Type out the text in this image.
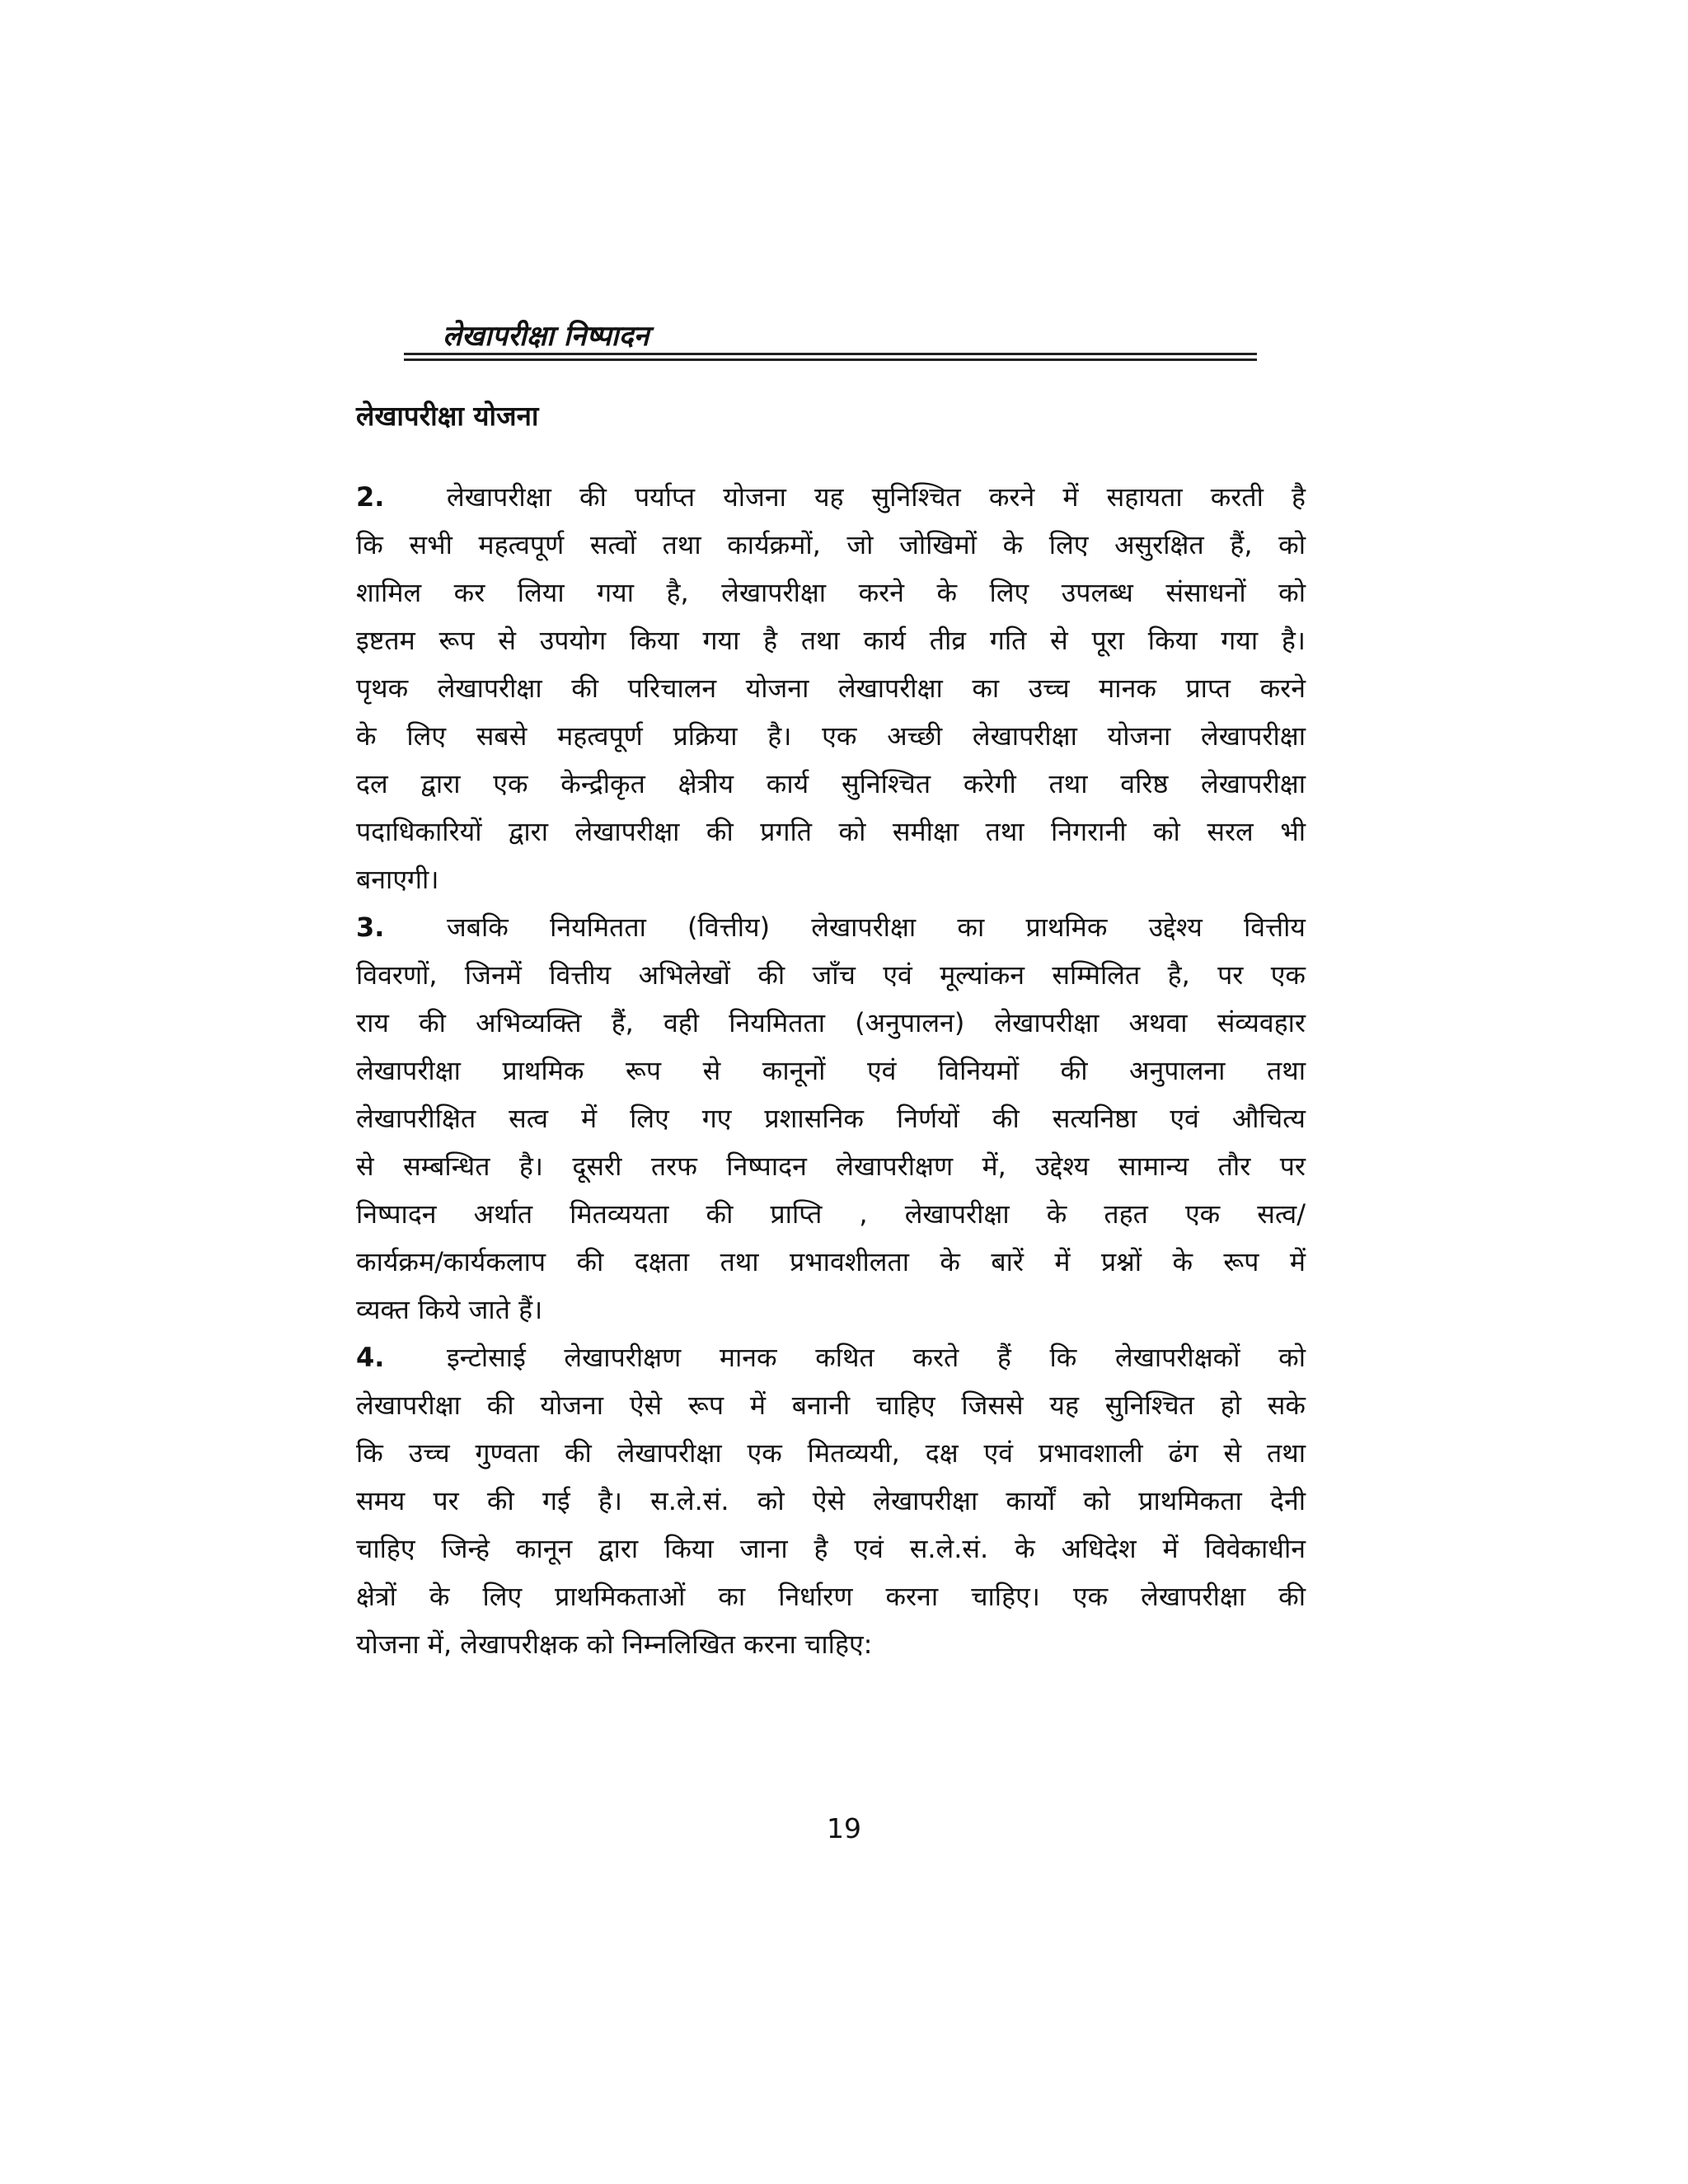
लेखापरीक्षा निष्पादन
लेखापरीक्षा योजना
2. लेखापरीक्षा की पर्याप्त योजना यह सुनिश्चित करने में सहायता करती है
कि सभी महत्वपूर्ण सत्वों तथा कार्यक्रमों, जो जोखिमों के लिए असुरक्षित हैं, को
शामिल कर लिया गया है, लेखापरीक्षा करने के लिए उपलब्ध संसाधनों को
इष्टतम रूप से उपयोग किया गया है तथा कार्य तीव्र गति से पूरा किया गया है।
पृथक लेखापरीक्षा की परिचालन योजना लेखापरीक्षा का उच्च मानक प्राप्त करने
के लिए सबसे महत्वपूर्ण प्रक्रिया है। एक अच्छी लेखापरीक्षा योजना लेखापरीक्षा
दल द्वारा एक केन्द्रीकृत क्षेत्रीय कार्य सुनिश्चित करेगी तथा वरिष्ठ लेखापरीक्षा
पदाधिकारियों द्वारा लेखापरीक्षा की प्रगति को समीक्षा तथा निगरानी को सरल भी
बनाएगी।
3. जबकि नियमितता (वित्तीय) लेखापरीक्षा का प्राथमिक उद्देश्य वित्तीय
विवरणों, जिनमें वित्तीय अभिलेखों की जाँच एवं मूल्यांकन सम्मिलित है, पर एक
राय की अभिव्यक्ति हैं, वही नियमितता (अनुपालन) लेखापरीक्षा अथवा संव्यवहार
लेखापरीक्षा प्राथमिक रूप से कानूनों एवं विनियमों की अनुपालना तथा
लेखापरीक्षित सत्व में लिए गए प्रशासनिक निर्णयों की सत्यनिष्ठा एवं औचित्य
से सम्बन्धित है। दूसरी तरफ निष्पादन लेखापरीक्षण में, उद्देश्य सामान्य तौर पर
निष्पादन अर्थात मितव्ययता की प्राप्ति , लेखापरीक्षा के तहत एक सत्व/
कार्यक्रम/कार्यकलाप की दक्षता तथा प्रभावशीलता के बारें में प्रश्नों के रूप में
व्यक्त किये जाते हैं।
4. इन्टोसाई लेखापरीक्षण मानक कथित करते हैं कि लेखापरीक्षकों को
लेखापरीक्षा की योजना ऐसे रूप में बनानी चाहिए जिससे यह सुनिश्चित हो सके
कि उच्च गुण्वता की लेखापरीक्षा एक मितव्ययी, दक्ष एवं प्रभावशाली ढंग से तथा
समय पर की गई है। स.ले.सं. को ऐसे लेखापरीक्षा कार्यों को प्राथमिकता देनी
चाहिए जिन्हे कानून द्वारा किया जाना है एवं स.ले.सं. के अधिदेश में विवेकाधीन
क्षेत्रों के लिए प्राथमिकताओं का निर्धारण करना चाहिए। एक लेखापरीक्षा की
योजना में, लेखापरीक्षक को निम्नलिखित करना चाहिए:
19
